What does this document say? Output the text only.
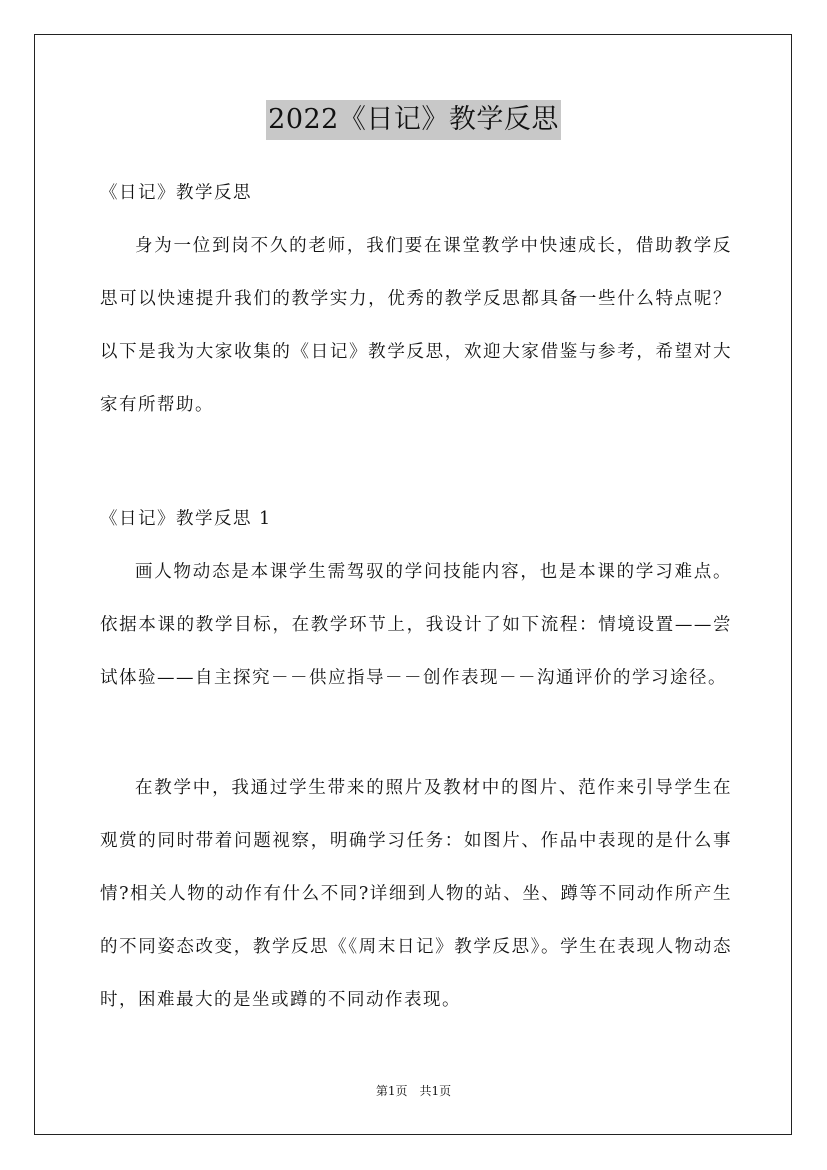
2022《日记》教学反思

《日记》教学反思

身为一位到岗不久的老师，我们要在课堂教学中快速成长，借助教学反思可以快速提升我们的教学实力，优秀的教学反思都具备一些什么特点呢？以下是我为大家收集的《日记》教学反思，欢迎大家借鉴与参考，希望对大家有所帮助。

《日记》教学反思 1

画人物动态是本课学生需驾驭的学问技能内容，也是本课的学习难点。依据本课的教学目标，在教学环节上，我设计了如下流程：情境设置——尝试体验——自主探究－－供应指导－－创作表现－－沟通评价的学习途径。

在教学中，我通过学生带来的照片及教材中的图片、范作来引导学生在观赏的同时带着问题视察，明确学习任务：如图片、作品中表现的是什么事情?相关人物的动作有什么不同?详细到人物的站、坐、蹲等不同动作所产生的不同姿态改变，教学反思《《周末日记》教学反思》。学生在表现人物动态时，困难最大的是坐或蹲的不同动作表现。

第1页 共1页
